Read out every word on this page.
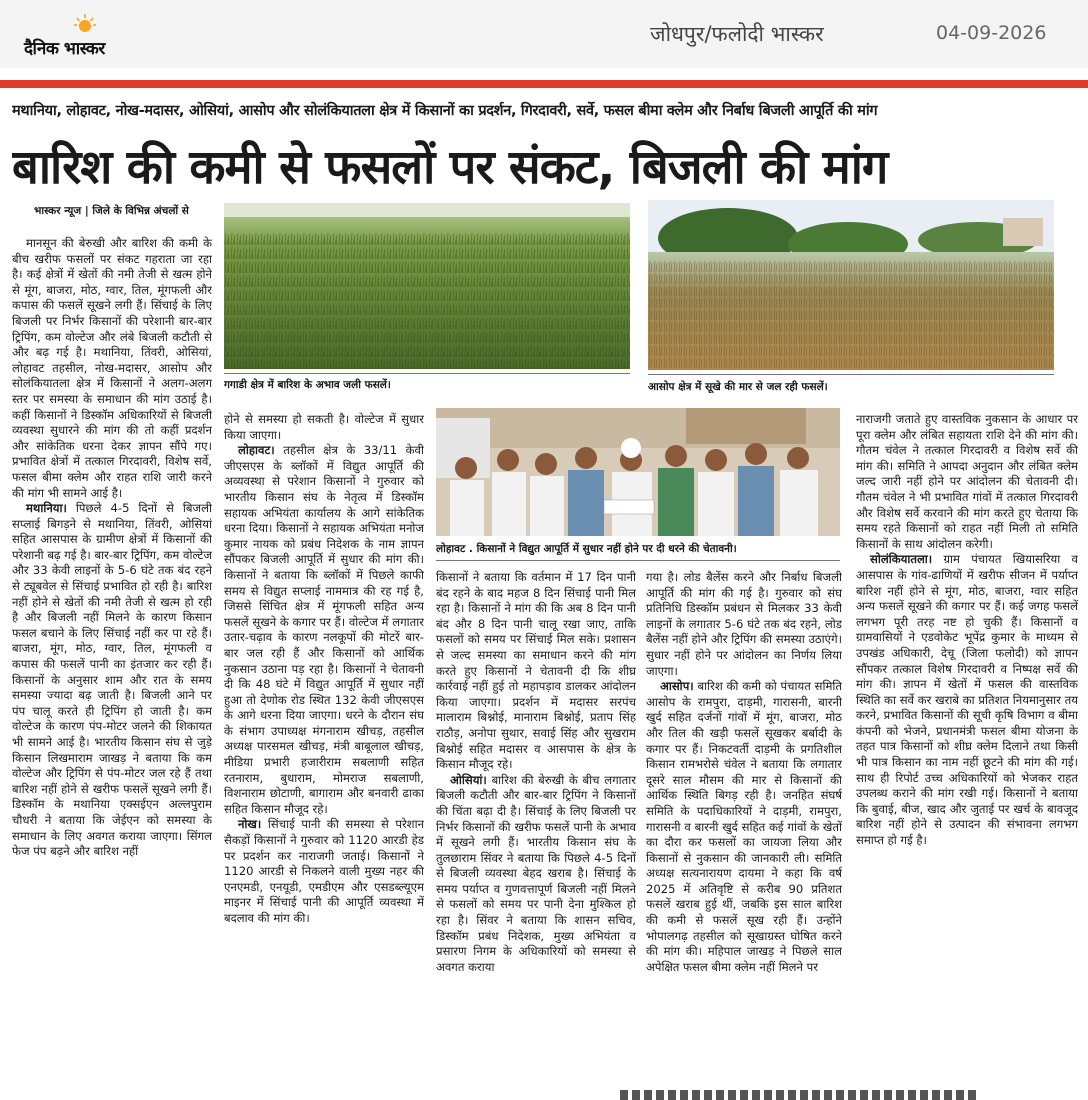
दैनिक भास्कर
जोधपुर/फलोदी भास्कर	04-09-2026
मथानिया, लोहावट, नोख-मदासर, ओसियां, आसोप और सोलंकियातला क्षेत्र में किसानों का प्रदर्शन, गिरदावरी, सर्वे, फसल बीमा क्लेम और निर्बाध बिजली आपूर्ति की मांग
बारिश की कमी से फसलों पर संकट, बिजली की मांग
भास्कर न्यूज | जिले के विभिन्न अंचलों से
गगाडी क्षेत्र में बारिश के अभाव जली फसलें।	आसोप क्षेत्र में सूखे की मार से जल रही फसलें।
लोहावट . किसानों ने विद्युत आपूर्ति में सुधार नहीं होने पर दी धरने की चेतावनी।

मानसून की बेरुखी और बारिश की कमी के बीच खरीफ फसलों पर संकट गहराता जा रहा है। कई क्षेत्रों में खेतों की नमी तेजी से खत्म होने से मूंग, बाजरा, मोठ, ग्वार, तिल, मूंगफली और कपास की फसलें सूखने लगी हैं। सिंचाई के लिए बिजली पर निर्भर किसानों की परेशानी बार-बार ट्रिपिंग, कम वोल्टेज और लंबे बिजली कटौती से और बढ़ गई है। मथानिया, तिंवरी, ओसियां, लोहावट तहसील, नोख-मदासर, आसोप और सोलंकियातला क्षेत्र में किसानों ने अलग-अलग स्तर पर समस्या के समाधान की मांग उठाई है। कहीं किसानों ने डिस्कॉम अधिकारियों से बिजली व्यवस्था सुधारने की मांग की तो कहीं प्रदर्शन और सांकेतिक धरना देकर ज्ञापन सौंपे गए। प्रभावित क्षेत्रों में तत्काल गिरदावरी, विशेष सर्वे, फसल बीमा क्लेम और राहत राशि जारी करने की मांग भी सामने आई है।

मथानिया। पिछले 4-5 दिनों से बिजली सप्लाई बिगड़ने से मथानिया, तिंवरी, ओसियां सहित आसपास के ग्रामीण क्षेत्रों में किसानों की परेशानी बढ़ गई है। बार-बार ट्रिपिंग, कम वोल्टेज और 33 केवी लाइनों के 5-6 घंटे तक बंद रहने से ट्यूबवेल से सिंचाई प्रभावित हो रही है। बारिश नहीं होने से खेतों की नमी तेजी से खत्म हो रही है और बिजली नहीं मिलने के कारण किसान फसल बचाने के लिए सिंचाई नहीं कर पा रहे हैं। बाजरा, मूंग, मोठ, ग्वार, तिल, मूंगफली व कपास की फसलें पानी का इंतजार कर रही हैं। किसानों के अनुसार शाम और रात के समय समस्या ज्यादा बढ़ जाती है। बिजली आने पर पंप चालू करते ही ट्रिपिंग हो जाती है। कम वोल्टेज के कारण पंप-मोटर जलने की शिकायत भी सामने आई है। भारतीय किसान संघ से जुड़े किसान लिखमाराम जाखड़ ने बताया कि कम वोल्टेज और ट्रिपिंग से पंप-मोटर जल रहे हैं तथा बारिश नहीं होने से खरीफ फसलें सूखने लगी हैं। डिस्कॉम के मथानिया एक्सईएन अल्लपुराम चौधरी ने बताया कि जेईएन को समस्या के समाधान के लिए अवगत कराया जाएगा। सिंगल फेज पंप बढ़ने और बारिश नहीं

होने से समस्या हो सकती है। वोल्टेज में सुधार किया जाएगा।

लोहावट। तहसील क्षेत्र के 33/11 केवी जीएसएस के ब्लॉकों में विद्युत आपूर्ति की अव्यवस्था से परेशान किसानों ने गुरुवार को भारतीय किसान संघ के नेतृत्व में डिस्कॉम सहायक अभियंता कार्यालय के आगे सांकेतिक धरना दिया। किसानों ने सहायक अभियंता मनोज कुमार नायक को प्रबंध निदेशक के नाम ज्ञापन सौंपकर बिजली आपूर्ति में सुधार की मांग की। किसानों ने बताया कि ब्लॉकों में पिछले काफी समय से विद्युत सप्लाई नाममात्र की रह गई है, जिससे सिंचित क्षेत्र में मूंगफली सहित अन्य फसलें सूखने के कगार पर हैं। वोल्टेज में लगातार उतार-चढ़ाव के कारण नलकूपों की मोटरें बार-बार जल रही हैं और किसानों को आर्थिक नुकसान उठाना पड़ रहा है। किसानों ने चेतावनी दी कि 48 घंटे में विद्युत आपूर्ति में सुधार नहीं हुआ तो देणोक रोड स्थित 132 केवी जीएसएस के आगे धरना दिया जाएगा। धरने के दौरान संघ के संभाग उपाध्यक्ष मंगनाराम खीचड़, तहसील अध्यक्ष पारसमल खीचड़, मंत्री बाबूलाल खीचड़, मीडिया प्रभारी हजारीराम सबलाणी सहित रतनाराम, बुधाराम, मोमराज सबलाणी, विशनाराम छोटाणी, बागाराम और बनवारी ढाका सहित किसान मौजूद रहे।

नोख। सिंचाई पानी की समस्या से परेशान सैकड़ों किसानों ने गुरुवार को 1120 आरडी हेड पर प्रदर्शन कर नाराजगी जताई। किसानों ने 1120 आरडी से निकलने वाली मुख्य नहर की एनएमडी, एनयूडी, एमडीएम और एसडब्ल्यूएम माइनर में सिंचाई पानी की आपूर्ति व्यवस्था में बदलाव की मांग की।

किसानों ने बताया कि वर्तमान में 17 दिन पानी बंद रहने के बाद महज 8 दिन सिंचाई पानी मिल रहा है। किसानों ने मांग की कि अब 8 दिन पानी बंद और 8 दिन पानी चालू रखा जाए, ताकि फसलों को समय पर सिंचाई मिल सके। प्रशासन से जल्द समस्या का समाधान करने की मांग करते हुए किसानों ने चेतावनी दी कि शीघ्र कार्रवाई नहीं हुई तो महापड़ाव डालकर आंदोलन किया जाएगा। प्रदर्शन में मदासर सरपंच मालाराम बिश्नोई, मानाराम बिश्नोई, प्रताप सिंह राठौड़, अनोपा सुथार, सवाई सिंह और सुखराम बिश्नोई सहित मदासर व आसपास के क्षेत्र के किसान मौजूद रहे।

ओसियां। बारिश की बेरुखी के बीच लगातार बिजली कटौती और बार-बार ट्रिपिंग ने किसानों की चिंता बढ़ा दी है। सिंचाई के लिए बिजली पर निर्भर किसानों की खरीफ फसलें पानी के अभाव में सूखने लगी हैं। भारतीय किसान संघ के तुलछाराम सिंवर ने बताया कि पिछले 4-5 दिनों से बिजली व्यवस्था बेहद खराब है। सिंचाई के समय पर्याप्त व गुणवत्तापूर्ण बिजली नहीं मिलने से फसलों को समय पर पानी देना मुश्किल हो रहा है। सिंवर ने बताया कि शासन सचिव, डिस्कॉम प्रबंध निदेशक, मुख्य अभियंता व प्रसारण निगम के अधिकारियों को समस्या से अवगत कराया

गया है। लोड बैलेंस करने और निर्बाध बिजली आपूर्ति की मांग की गई है। गुरुवार को संघ प्रतिनिधि डिस्कॉम प्रबंधन से मिलकर 33 केवी लाइनों के लगातार 5-6 घंटे तक बंद रहने, लोड बैलेंस नहीं होने और ट्रिपिंग की समस्या उठाएंगे। सुधार नहीं होने पर आंदोलन का निर्णय लिया जाएगा।

आसोप। बारिश की कमी को पंचायत समिति आसोप के रामपुरा, दाड़मी, गारासनी, बारनी खुर्द सहित दर्जनों गांवों में मूंग, बाजरा, मोठ और तिल की खड़ी फसलें सूखकर बर्बादी के कगार पर हैं। निकटवर्ती दाड़मी के प्रगतिशील किसान रामभरोसे चंवेल ने बताया कि लगातार दूसरे साल मौसम की मार से किसानों की आर्थिक स्थिति बिगड़ रही है। जनहित संघर्ष समिति के पदाधिकारियों ने दाड़मी, रामपुरा, गारासनी व बारनी खुर्द सहित कई गांवों के खेतों का दौरा कर फसलों का जायजा लिया और किसानों से नुकसान की जानकारी ली। समिति अध्यक्ष सत्यनारायण दायमा ने कहा कि वर्ष 2025 में अतिवृष्टि से करीब 90 प्रतिशत फसलें खराब हुई थीं, जबकि इस साल बारिश की कमी से फसलें सूख रही हैं। उन्होंने भोपालगढ़ तहसील को सूखाग्रस्त घोषित करने की मांग की। महिपाल जाखड़ ने पिछले साल अपेक्षित फसल बीमा क्लेम नहीं मिलने पर

नाराजगी जताते हुए वास्तविक नुकसान के आधार पर पूरा क्लेम और लंबित सहायता राशि देने की मांग की। गौतम चंवेल ने तत्काल गिरदावरी व विशेष सर्वे की मांग की। समिति ने आपदा अनुदान और लंबित क्लेम जल्द जारी नहीं होने पर आंदोलन की चेतावनी दी। गौतम चंवेल ने भी प्रभावित गांवों में तत्काल गिरदावरी और विशेष सर्वे करवाने की मांग करते हुए चेताया कि समय रहते किसानों को राहत नहीं मिली तो समिति किसानों के साथ आंदोलन करेगी।

सोलंकियातला। ग्राम पंचायत खियासरिया व आसपास के गांव-ढाणियों में खरीफ सीजन में पर्याप्त बारिश नहीं होने से मूंग, मोठ, बाजरा, ग्वार सहित अन्य फसलें सूखने की कगार पर हैं। कई जगह फसलें लगभग पूरी तरह नष्ट हो चुकी हैं। किसानों व ग्रामवासियों ने एडवोकेट भूपेंद्र कुमार के माध्यम से उपखंड अधिकारी, देचू (जिला फलोदी) को ज्ञापन सौंपकर तत्काल विशेष गिरदावरी व निष्पक्ष सर्वे की मांग की। ज्ञापन में खेतों में फसल की वास्तविक स्थिति का सर्वे कर खराबे का प्रतिशत नियमानुसार तय करने, प्रभावित किसानों की सूची कृषि विभाग व बीमा कंपनी को भेजने, प्रधानमंत्री फसल बीमा योजना के तहत पात्र किसानों को शीघ्र क्लेम दिलाने तथा किसी भी पात्र किसान का नाम नहीं छूटने की मांग की गई। साथ ही रिपोर्ट उच्च अधिकारियों को भेजकर राहत उपलब्ध कराने की मांग रखी गई। किसानों ने बताया कि बुवाई, बीज, खाद और जुताई पर खर्च के बावजूद बारिश नहीं होने से उत्पादन की संभावना लगभग समाप्त हो गई है।
